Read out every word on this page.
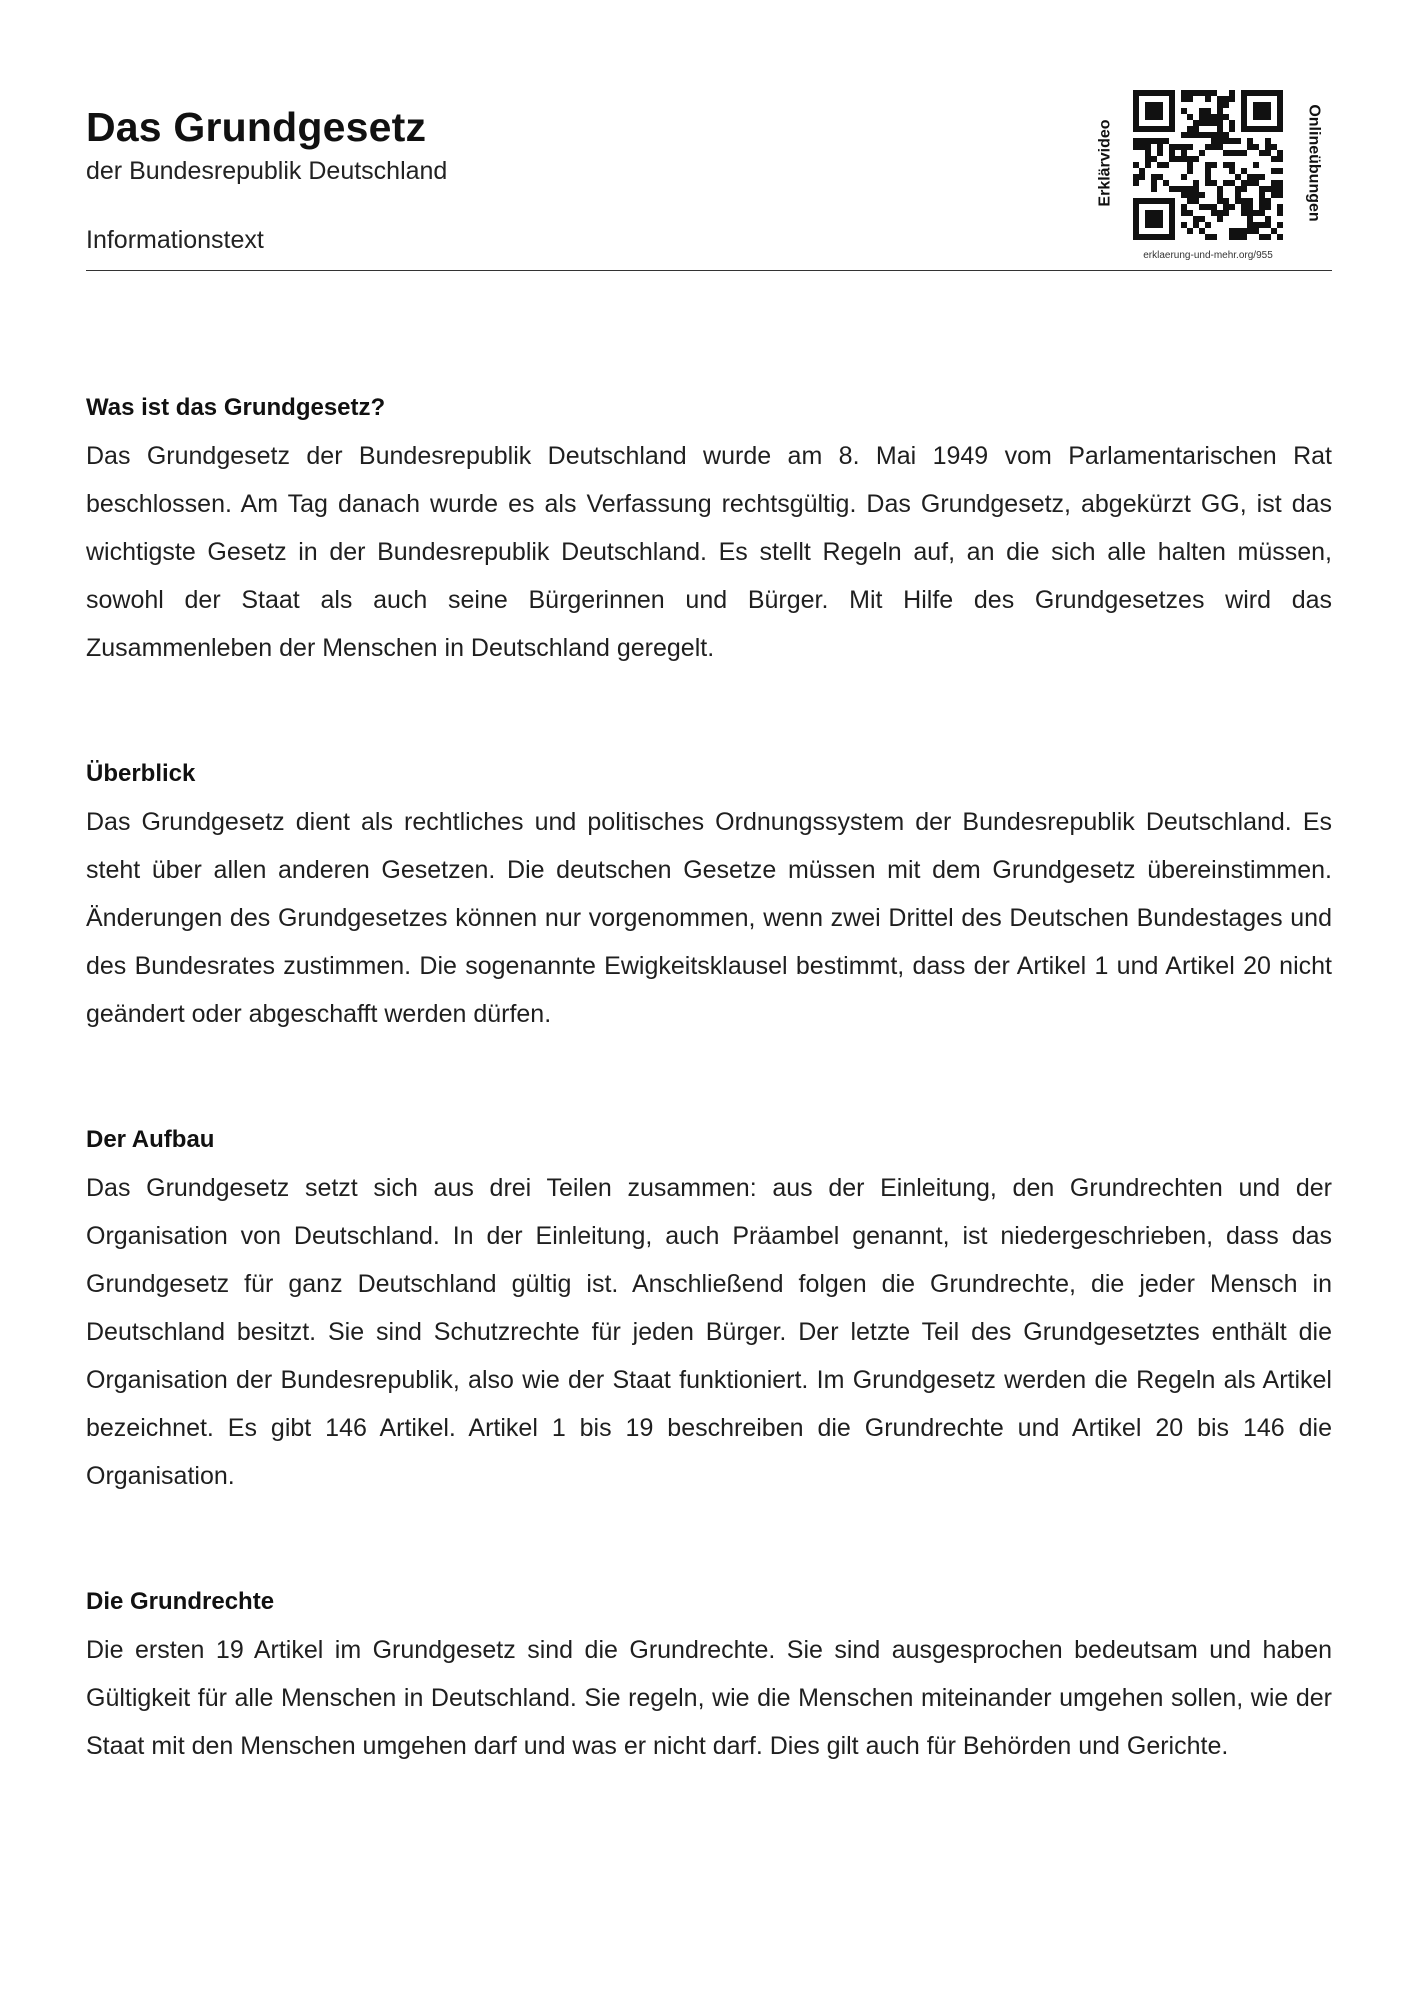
Das Grundgesetz
der Bundesrepublik Deutschland
Informationstext
Erklärvideo	Onlineübungen
erklaerung-und-mehr.org/955

Was ist das Grundgesetz?

Das Grundgesetz der Bundesrepublik Deutschland wurde am 8. Mai 1949 vom Parlamentarischen Rat beschlossen. Am Tag danach wurde es als Verfassung rechtsgültig. Das Grundgesetz, abgekürzt GG, ist das wichtigste Gesetz in der Bundesrepublik Deutschland. Es stellt Regeln auf, an die sich alle halten müssen, sowohl der Staat als auch seine Bürgerinnen und Bürger. Mit Hilfe des Grundgesetzes wird das Zusammenleben der Menschen in Deutschland geregelt.

Überblick

Das Grundgesetz dient als rechtliches und politisches Ordnungssystem der Bundesrepublik Deutschland. Es steht über allen anderen Gesetzen. Die deutschen Gesetze müssen mit dem Grundgesetz übereinstimmen. Änderungen des Grundgesetzes können nur vorgenommen, wenn zwei Drittel des Deutschen Bundestages und des Bundesrates zustimmen. Die sogenannte Ewigkeitsklausel bestimmt, dass der Artikel 1 und Artikel 20 nicht geändert oder abgeschafft werden dürfen.

Der Aufbau

Das Grundgesetz setzt sich aus drei Teilen zusammen: aus der Einleitung, den Grundrechten und der Organisation von Deutschland. In der Einleitung, auch Präambel genannt, ist niedergeschrieben, dass das Grundgesetz für ganz Deutschland gültig ist. Anschließend folgen die Grundrechte, die jeder Mensch in Deutschland besitzt. Sie sind Schutzrechte für jeden Bürger. Der letzte Teil des Grundgesetztes enthält die Organisation der Bundesrepublik, also wie der Staat funktioniert. Im Grundgesetz werden die Regeln als Artikel bezeichnet. Es gibt 146 Artikel. Artikel 1 bis 19 beschreiben die Grundrechte und Artikel 20 bis 146 die Organisation.

Die Grundrechte

Die ersten 19 Artikel im Grundgesetz sind die Grundrechte. Sie sind ausgesprochen bedeutsam und haben Gültigkeit für alle Menschen in Deutschland. Sie regeln, wie die Menschen miteinander umgehen sollen, wie der Staat mit den Menschen umgehen darf und was er nicht darf. Dies gilt auch für Behörden und Gerichte.
